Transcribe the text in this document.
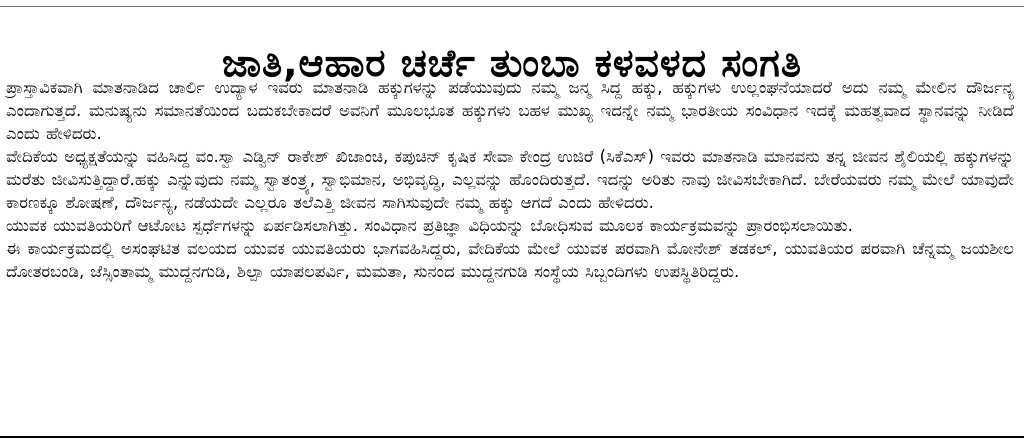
ಜಾತಿ,ಆಹಾರ ಚರ್ಚೆ ತುಂಬಾ ಕಳವಳದ ಸಂಗತಿ

ಪ್ರಾಸ್ತಾವಿಕವಾಗಿ ಮಾತನಾಡಿದ ಚಾರ್ಲಿ ಉದ್ಯಾಳ ಇವರು ಮಾತನಾಡಿ ಹಕ್ಕುಗಳನ್ನು ಪಡೆಯುವುದು ನಮ್ಮ ಜನ್ಮ ಸಿದ್ದ ಹಕ್ಕು, ಹಕ್ಕುಗಳು ಉಲ್ಲಂಘನೆಯಾದರೆ ಅದು ನಮ್ಮ ಮೇಲಿನ ದೌರ್ಜನ್ಯ ಎಂದಾಗುತ್ತದೆ. ಮನುಷ್ಯನು ಸಮಾನತೆಯಿಂದ ಬದುಕಬೇಕಾದರೆ ಅವನಿಗೆ ಮೂಲಭೂತ ಹಕ್ಕುಗಳು ಬಹಳ ಮುಖ್ಯ ಇದನ್ನೇ ನಮ್ಮ ಭಾರತೀಯ ಸಂವಿಧಾನ ಇದಕ್ಕೆ ಮಹತ್ವವಾದ ಸ್ಥಾನವನ್ನು ನೀಡಿದೆ ಎಂದು ಹೇಳಿದರು.

ವೇದಿಕೆಯ ಅಧ್ಯಕ್ಷತೆಯನ್ನು ವಹಿಸಿದ್ದ ವಂ.ಸ್ವಾ ಎಡ್ವಿನ್ ರಾಕೇಶ್ ಖಿಜಾಂಚಿ, ಕಪುಚಿನ್ ಕೃಷಿಕ ಸೇವಾ ಕೇಂದ್ರ ಉಜಿರೆ (ಸಿಕೆಎಸ್) ಇವರು ಮಾತನಾಡಿ ಮಾನವನು ತನ್ನ ಜೀವನ ಶೈಲಿಯಲ್ಲಿ ಹಕ್ಕುಗಳನ್ನು ಮರೆತು ಜೀವಿಸುತ್ತಿದ್ದಾರೆ.ಹಕ್ಕು ಎನ್ನುವುದು ನಮ್ಮ ಸ್ವಾತಂತ್ರ್ಯ, ಸ್ವಾಭಿಮಾನ, ಅಭಿವೃದ್ಧಿ, ಎಲ್ಲವನ್ನು ಹೊಂದಿರುತ್ತದೆ. ಇದನ್ನು ಅರಿತು ನಾವು ಜೀವಿಸಬೇಕಾಗಿದೆ. ಬೇರೆಯವರು ನಮ್ಮ ಮೇಲೆ ಯಾವುದೇ ಕಾರಣಕ್ಕೂ ಶೋಷಣೆ, ದೌರ್ಜನ್ಯ, ನಡೆಯದೇ ಎಲ್ಲರೂ ತಲೆಎತ್ತಿ ಜೀವನ ಸಾಗಿಸುವುದೇ ನಮ್ಮ ಹಕ್ಕು ಆಗದೆ ಎಂದು ಹೇಳಿದರು.

ಯುವಕ ಯುವತಿಯರಿಗೆ ಆಟೋಟ ಸ್ಪರ್ಧೆಗಳನ್ನು ಏರ್ಪಡಿಸಲಾಗಿತ್ತು. ಸಂವಿಧಾನ ಪ್ರತಿಜ್ಞಾ ವಿಧಿಯನ್ನು ಬೋಧಿಸುವ ಮೂಲಕ ಕಾರ್ಯಕ್ರಮವನ್ನು ಪ್ರಾರಂಭಿಸಲಾಯಿತು.

ಈ ಕಾರ್ಯಕ್ರಮದಲ್ಲಿ ಅಸಂಘಟಿತ ವಲಯದ ಯುವಕ ಯುವತಿಯರು ಭಾಗವಹಿಸಿದ್ದರು, ವೇದಿಕೆಯ ಮೇಲೆ ಯುವಕ ಪರವಾಗಿ ಮೋನೇಶ್ ತಡಕಲ್, ಯುವತಿಯರ ಪರವಾಗಿ ಚೆನ್ನಮ್ಮ ಜಯಶೀಲ ದೋತರಬಂಡಿ, ಜೆಸ್ಸಿಂತಾಮ್ಮ ಮುದ್ದನಗುಡಿ, ಶಿಲ್ಪಾ ಯಾಪಲಪರ್ವಿ, ಮಮತಾ, ಸುನಂದ ಮುದ್ದನಗುಡಿ ಸಂಸ್ಥೆಯ ಸಿಬ್ಬಂದಿಗಳು ಉಪಸ್ಥಿತಿರಿದ್ದರು.
